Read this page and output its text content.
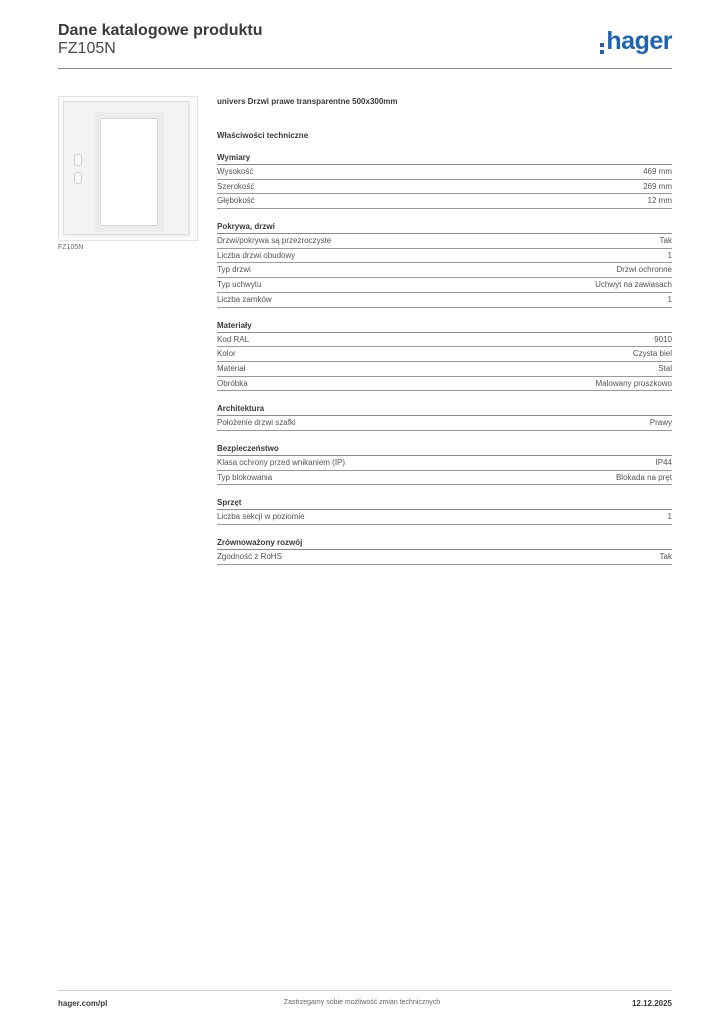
Dane katalogowe produktu
FZ105N	hager
FZ105N
univers Drzwi prawe transparentne 500x300mm
Właściwości techniczne
Wymiary
Wysokość	469 mm
Szerokość	269 mm
Głębokość	12 mm
Pokrywa, drzwi
Drzwi/pokrywa są przezroczyste	Tak
Liczba drzwi obudowy	1
Typ drzwi	Drzwi ochronne
Typ uchwytu	Uchwyt na zawiasach
Liczba zamków	1
Materiały
Kod RAL	9010
Kolor	Czysta biel
Materiał	Stal
Obróbka	Malowany proszkowo
Architektura
Położenie drzwi szafki	Prawy
Bezpieczeństwo
Klasa ochrony przed wnikaniem (IP)	IP44
Typ blokowania	Blokada na pręt
Sprzęt
Liczba sekcji w poziomie	1
Zrównoważony rozwój
Zgodność z RoHS	Tak
hager.com/pl	Zastrzegamy sobie możliwość zmian technicznych	12.12.2025
